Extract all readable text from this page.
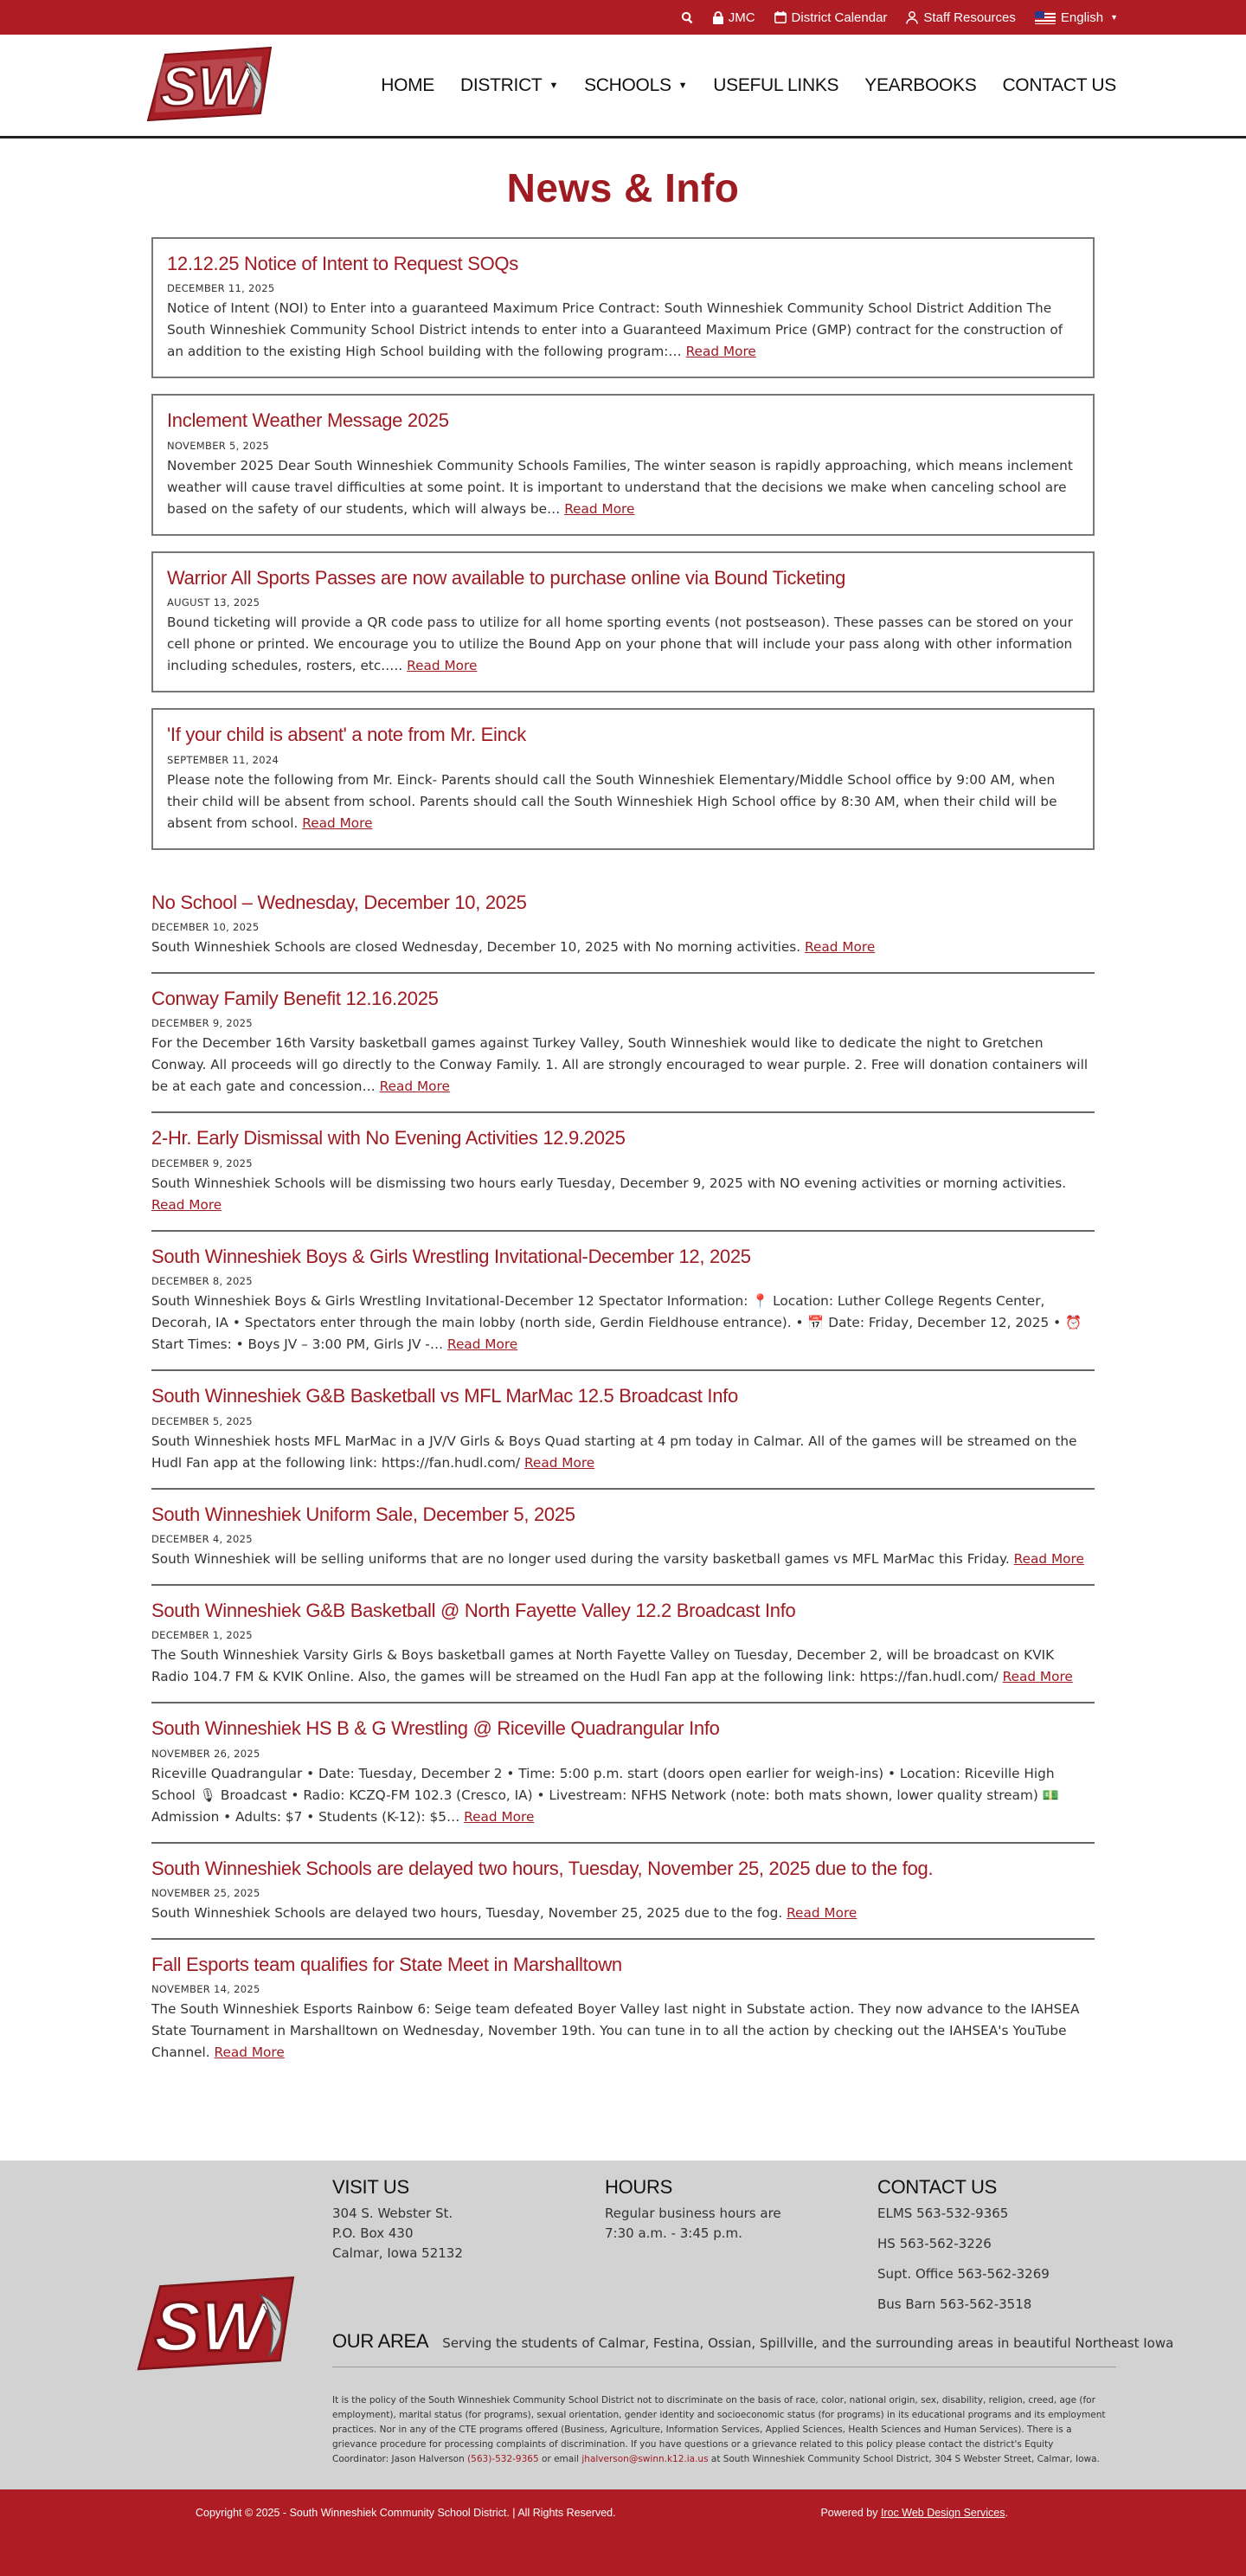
JMC	District Calendar	Staff Resources	English ▼
SW	HOME DISTRICT ▼ SCHOOLS ▼ USEFUL LINKS YEARBOOKS CONTACT US
News & Info
12.12.25 Notice of Intent to Request SOQs
DECEMBER 11, 2025
Notice of Intent (NOI) to Enter into a guaranteed Maximum Price Contract: South Winneshiek Community School District Addition The South Winneshiek Community School District intends to enter into a Guaranteed Maximum Price (GMP) contract for the construction of an addition to the existing High School building with the following program:… Read More
Inclement Weather Message 2025
NOVEMBER 5, 2025
November 2025 Dear South Winneshiek Community Schools Families, The winter season is rapidly approaching, which means inclement weather will cause travel difficulties at some point. It is important to understand that the decisions we make when canceling school are based on the safety of our students, which will always be… Read More
Warrior All Sports Passes are now available to purchase online via Bound Ticketing
AUGUST 13, 2025
Bound ticketing will provide a QR code pass to utilize for all home sporting events (not postseason). These passes can be stored on your cell phone or printed. We encourage you to utilize the Bound App on your phone that will include your pass along with other information including schedules, rosters, etc.…. Read More
'If your child is absent' a note from Mr. Einck
SEPTEMBER 11, 2024
Please note the following from Mr. Einck- Parents should call the South Winneshiek Elementary/Middle School office by 9:00 AM, when their child will be absent from school. Parents should call the South Winneshiek High School office by 8:30 AM, when their child will be absent from school. Read More
No School – Wednesday, December 10, 2025
DECEMBER 10, 2025
South Winneshiek Schools are closed Wednesday, December 10, 2025 with No morning activities. Read More
Conway Family Benefit 12.16.2025
DECEMBER 9, 2025
For the December 16th Varsity basketball games against Turkey Valley, South Winneshiek would like to dedicate the night to Gretchen Conway. All proceeds will go directly to the Conway Family. 1. All are strongly encouraged to wear purple. 2. Free will donation containers will be at each gate and concession… Read More
2-Hr. Early Dismissal with No Evening Activities 12.9.2025
DECEMBER 9, 2025
South Winneshiek Schools will be dismissing two hours early Tuesday, December 9, 2025 with NO evening activities or morning activities. Read More
South Winneshiek Boys & Girls Wrestling Invitational-December 12, 2025
DECEMBER 8, 2025
South Winneshiek Boys & Girls Wrestling Invitational-December 12 Spectator Information: 📍 Location: Luther College Regents Center, Decorah, IA • Spectators enter through the main lobby (north side, Gerdin Fieldhouse entrance). • 📅 Date: Friday, December 12, 2025 • ⏰ Start Times: • Boys JV – 3:00 PM, Girls JV -… Read More
South Winneshiek G&B Basketball vs MFL MarMac 12.5 Broadcast Info
DECEMBER 5, 2025
South Winneshiek hosts MFL MarMac in a JV/V Girls & Boys Quad starting at 4 pm today in Calmar. All of the games will be streamed on the Hudl Fan app at the following link: https://fan.hudl.com/ Read More
South Winneshiek Uniform Sale, December 5, 2025
DECEMBER 4, 2025
South Winneshiek will be selling uniforms that are no longer used during the varsity basketball games vs MFL MarMac this Friday. Read More
South Winneshiek G&B Basketball @ North Fayette Valley 12.2 Broadcast Info
DECEMBER 1, 2025
The South Winneshiek Varsity Girls & Boys basketball games at North Fayette Valley on Tuesday, December 2, will be broadcast on KVIK Radio 104.7 FM & KVIK Online. Also, the games will be streamed on the Hudl Fan app at the following link: https://fan.hudl.com/ Read More
South Winneshiek HS B & G Wrestling @ Riceville Quadrangular Info
NOVEMBER 26, 2025
Riceville Quadrangular • Date: Tuesday, December 2 • Time: 5:00 p.m. start (doors open earlier for weigh-ins) • Location: Riceville High School 🎙 Broadcast • Radio: KCZQ-FM 102.3 (Cresco, IA) • Livestream: NFHS Network (note: both mats shown, lower quality stream) 💵 Admission • Adults: $7 • Students (K-12): $5… Read More
South Winneshiek Schools are delayed two hours, Tuesday, November 25, 2025 due to the fog.
NOVEMBER 25, 2025
South Winneshiek Schools are delayed two hours, Tuesday, November 25, 2025 due to the fog. Read More
Fall Esports team qualifies for State Meet in Marshalltown
NOVEMBER 14, 2025
The South Winneshiek Esports Rainbow 6: Seige team defeated Boyer Valley last night in Substate action. They now advance to the IAHSEA State Tournament in Marshalltown on Wednesday, November 19th. You can tune in to all the action by checking out the IAHSEA's YouTube Channel. Read More
SW
VISIT US
304 S. Webster St.
P.O. Box 430
Calmar, Iowa 52132
HOURS
Regular business hours are
7:30 a.m. - 3:45 p.m.
CONTACT US
ELMS 563-532-9365
HS 563-562-3226
Supt. Office 563-562-3269
Bus Barn 563-562-3518
OUR AREA Serving the students of Calmar, Festina, Ossian, Spillville, and the surrounding areas in beautiful Northeast Iowa
It is the policy of the South Winneshiek Community School District not to discriminate on the basis of race, color, national origin, sex, disability, religion, creed, age (for employment), marital status (for programs), sexual orientation, gender identity and socioeconomic status (for programs) in its educational programs and its employment practices. Nor in any of the CTE programs offered (Business, Agriculture, Information Services, Applied Sciences, Health Sciences and Human Services). There is a grievance procedure for processing complaints of discrimination. If you have questions or a grievance related to this policy please contact the district's Equity Coordinator: Jason Halverson (563)-532-9365 or email jhalverson@swinn.k12.ia.us at South Winneshiek Community School District, 304 S Webster Street, Calmar, Iowa.
Copyright © 2025 - South Winneshiek Community School District. | All Rights Reserved.	Powered by Iroc Web Design Services.
